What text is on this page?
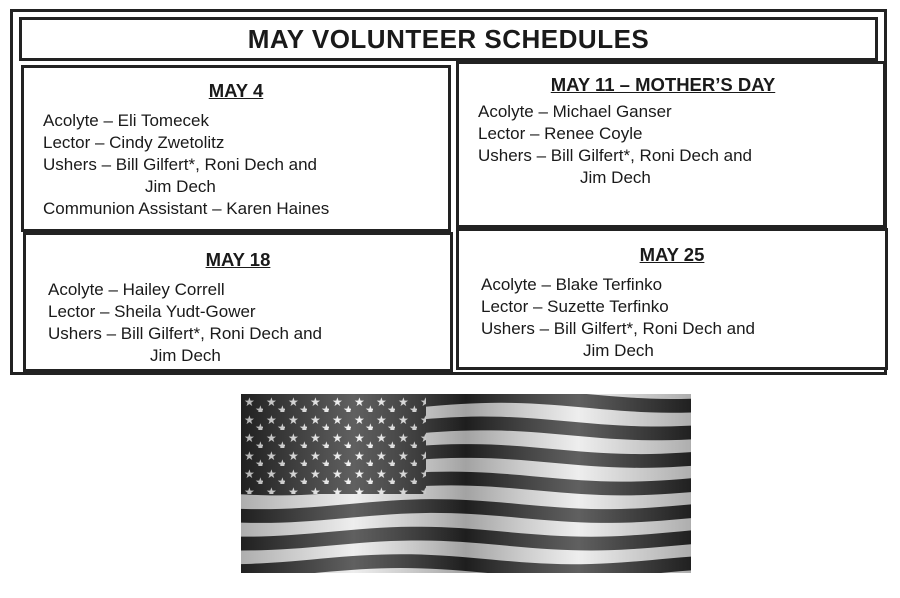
MAY VOLUNTEER SCHEDULES
MAY 4
Acolyte – Eli Tomecek
Lector – Cindy Zwetolitz
Ushers – Bill Gilfert*, Roni Dech and
Jim Dech
Communion Assistant – Karen Haines
MAY 11 – MOTHER’S DAY
Acolyte – Michael Ganser
Lector – Renee Coyle
Ushers – Bill Gilfert*, Roni Dech and
Jim Dech
MAY 18
Acolyte – Hailey Correll
Lector – Sheila Yudt-Gower
Ushers – Bill Gilfert*, Roni Dech and
Jim Dech
MAY 25
Acolyte – Blake Terfinko
Lector – Suzette Terfinko
Ushers – Bill Gilfert*, Roni Dech and
Jim Dech
